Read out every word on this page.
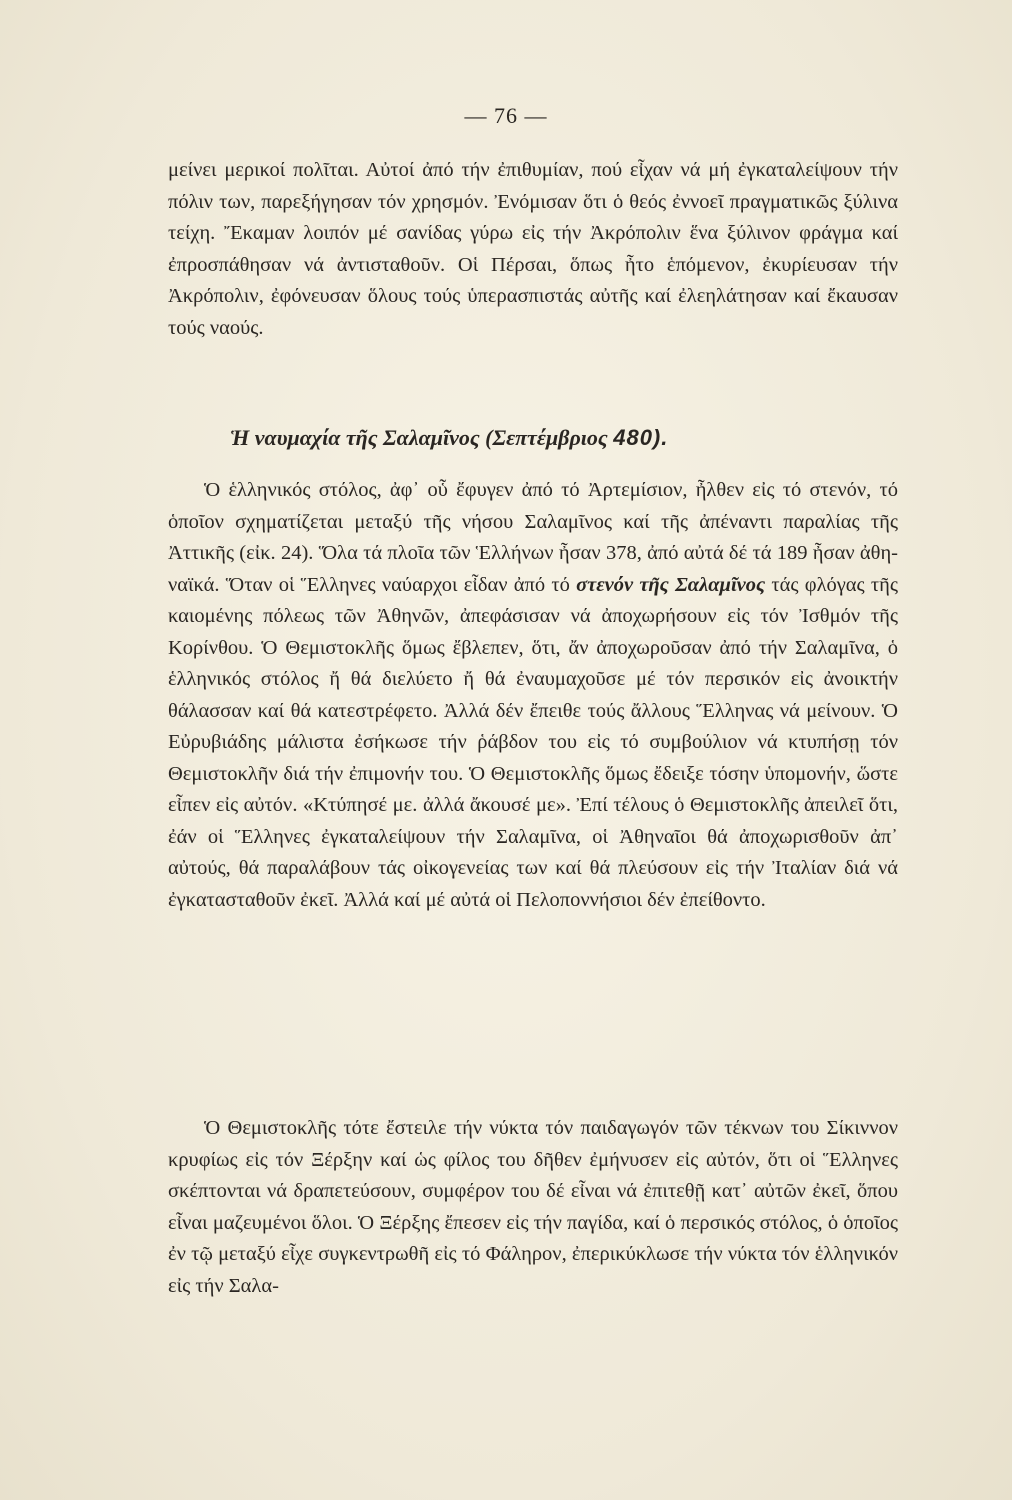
— 76 —
μείνει μερικοί πολῖται. Αὐτοί ἀπό τήν ἐπιθυμίαν, πού εἶχαν νά μή ἐγκαταλείψουν τήν πόλιν των, παρεξήγησαν τόν χρησμόν. Ἐνόμισαν ὅτι ὁ θεός ἐννοεῖ πραγματικῶς ξύλινα τείχη. Ἔκαμαν λοιπόν μέ σανίδας γύρω εἰς τήν Ἀκρόπολιν ἕνα ξύλινον φράγμα καί ἐπροσπάθησαν νά ἀντισταθοῦν. Οἱ Πέρσαι, ὅπως ἦτο ἑπόμενον, ἐκυρίευσαν τήν Ἀκρόπολιν, ἐφόνευσαν ὅλους τούς ὑπερασπιστάς αὐτῆς καί ἐλεηλάτησαν καί ἔκαυσαν τούς ναούς.
Ἡ ναυμαχία τῆς Σαλαμῖνος (Σεπτέμβριος 480).
Ὁ ἑλληνικός στόλος, ἀφ᾿ οὗ ἔφυγεν ἀπό τό Ἀρτεμίσιον, ἦλθεν εἰς τό στενόν, τό ὁποῖον σχηματίζεται μεταξύ τῆς νήσου Σαλαμῖνος καί τῆς ἀπέναντι παραλίας τῆς Ἀττικῆς (εἰκ. 24). Ὅλα τά πλοῖα τῶν Ἑλλήνων ἦσαν 378, ἀπό αὐτά δέ τά 189 ἦσαν ἀθηναϊκά. Ὅταν οἱ Ἕλληνες ναύαρχοι εἶδαν ἀπό τό στενόν τῆς Σαλαμῖνος τάς φλόγας τῆς καιομένης πόλεως τῶν Ἀθηνῶν, ἀπεφάσισαν νά ἀποχωρήσουν εἰς τόν Ἰσθμόν τῆς Κορίνθου. Ὁ Θεμιστοκλῆς ὅμως ἔβλεπεν, ὅτι, ἄν ἀποχωροῦσαν ἀπό τήν Σαλαμῖνα, ὁ ἑλληνικός στόλος ἤ θά διελύετο ἤ θά ἐναυμαχοῦσε μέ τόν περσικόν εἰς ἀνοικτήν θάλασσαν καί θά κατεστρέφετο. Ἀλλά δέν ἔπειθε τούς ἄλλους Ἕλληνας νά μείνουν. Ὁ Εὐρυβιάδης μάλιστα ἐσήκωσε τήν ῥάβδον του εἰς τό συμβούλιον νά κτυπήσῃ τόν Θεμιστοκλῆν διά τήν ἐπιμονήν του. Ὁ Θεμιστοκλῆς ὅμως ἔδειξε τόσην ὑπομονήν, ὥστε εἶπεν εἰς αὐτόν. «Κτύπησέ με. ἀλλά ἄκουσέ με». Ἐπί τέλους ὁ Θεμιστοκλῆς ἀπειλεῖ ὅτι, ἐάν οἱ Ἕλληνες ἐγκαταλείψουν τήν Σαλαμῖνα, οἱ Ἀθηναῖοι θά ἀποχωρισθοῦν ἀπ᾿ αὐτούς, θά παραλάβουν τάς οἰκογενείας των καί θά πλεύσουν εἰς τήν Ἰταλίαν διά νά ἐγκατασταθοῦν ἐκεῖ. Ἀλλά καί μέ αὐτά οἱ Πελοποννήσιοι δέν ἐπείθοντο.
Ὁ Θεμιστοκλῆς τότε ἔστειλε τήν νύκτα τόν παιδαγωγόν τῶν τέκνων του Σίκιννον κρυφίως εἰς τόν Ξέρξην καί ὡς φίλος του δῆθεν ἐμήνυσεν εἰς αὐτόν, ὅτι οἱ Ἕλληνες σκέπτονται νά δραπετεύσουν, συμφέρον του δέ εἶναι νά ἐπιτεθῇ κατ᾿ αὐτῶν ἐκεῖ, ὅπου εἶναι μαζευμένοι ὅλοι. Ὁ Ξέρξης ἔπεσεν εἰς τήν παγίδα, καί ὁ περσικός στόλος, ὁ ὁποῖος ἐν τῷ μεταξύ εἶχε συγκεντρωθῆ εἰς τό Φάληρον, ἐπερικύκλωσε τήν νύκτα τόν ἑλληνικόν εἰς τήν Σαλα-
